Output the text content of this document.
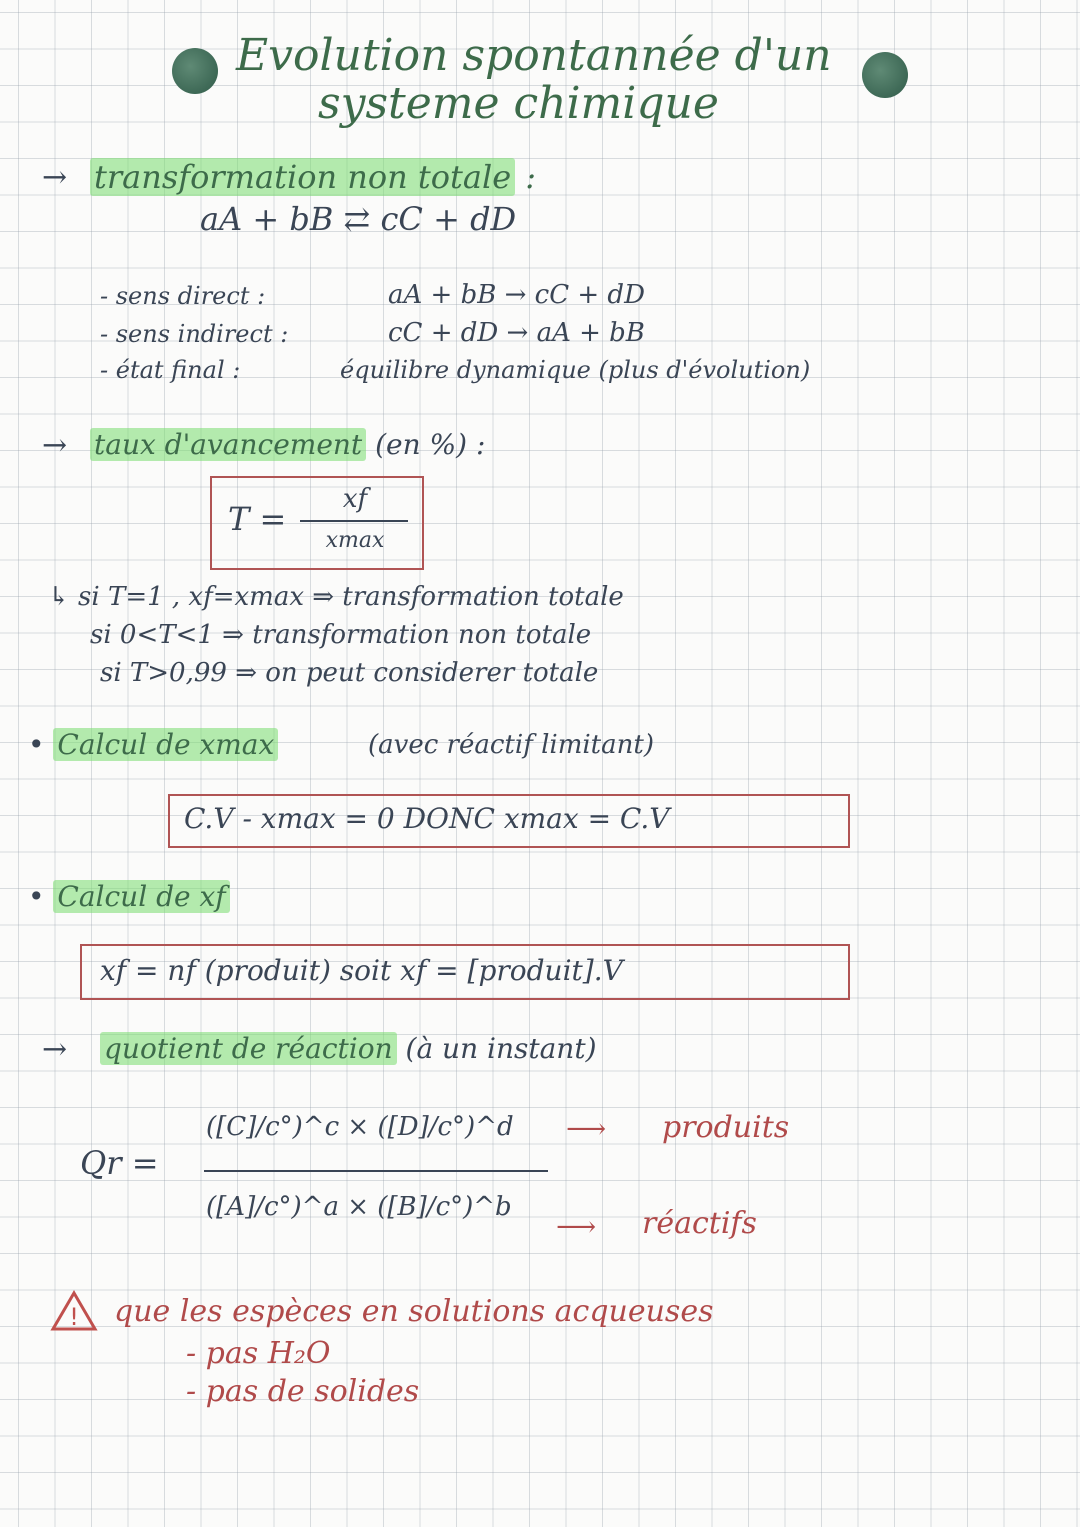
Evolution spontannée d'un
systeme chimique
→ transformation non totale :
aA + bB ⇄ cC + dD
- sens direct :	aA + bB → cC + dD
- sens indirect :	cC + dD → aA + bB
- état final :	équilibre dynamique (plus d'évolution)
→ taux d'avancement (en %) :
T =
xf
xmax
↳ si T=1 , xf=xmax ⇒ transformation totale
si 0<T<1 ⇒ transformation non totale
si T>0,99 ⇒ on peut considerer totale
• Calcul de xmax	(avec réactif limitant)
C.V - xmax = 0 DONC xmax = C.V
• Calcul de xf
xf = nf (produit) soit xf = [produit].V
→ quotient de réaction (à un instant)
Qr =
([C]/c°)^c × ([D]/c°)^d
([A]/c°)^a × ([B]/c°)^b
⟶ produits
⟶ réactifs
! que les espèces en solutions acqueuses
- pas H₂O
- pas de solides
